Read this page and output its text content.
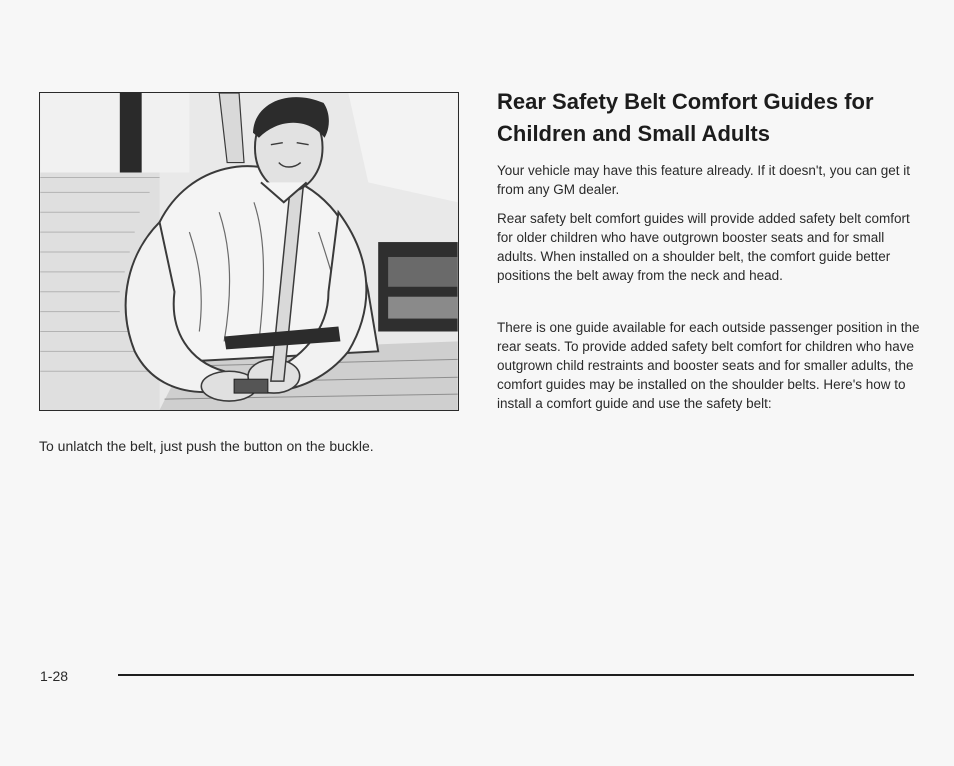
To unlatch the belt, just push the button on the buckle.
Rear Safety Belt Comfort Guides for
Children and Small Adults

Your vehicle may have this feature already. If it doesn't, you can get it from any GM dealer.

Rear safety belt comfort guides will provide added safety belt comfort for older children who have outgrown booster seats and for small adults. When installed on a shoulder belt, the comfort guide better positions the belt away from the neck and head.

There is one guide available for each outside passenger position in the rear seats. To provide added safety belt comfort for children who have outgrown child restraints and booster seats and for smaller adults, the comfort guides may be installed on the shoulder belts. Here's how to install a comfort guide and use the safety belt:

1-28
